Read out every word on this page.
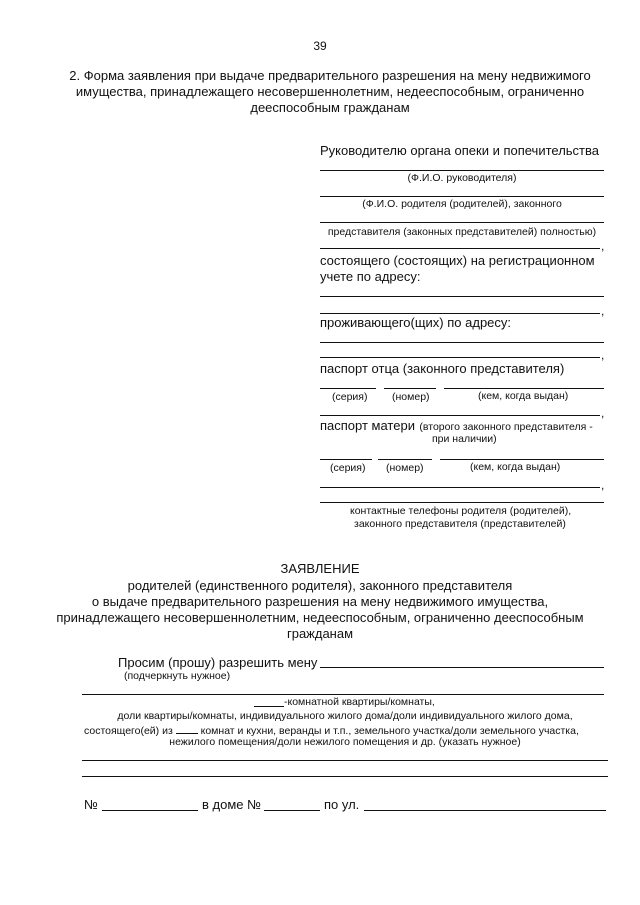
39
2. Форма заявления при выдаче предварительного разрешения на мену недвижимого
имущества, принадлежащего несовершеннолетним, недееспособным, ограниченно
дееспособным гражданам
Руководителю органа опеки и попечительства
(Ф.И.О. руководителя)
(Ф.И.О. родителя (родителей), законного
представителя (законных представителей) полностью)
,
состоящего (состоящих) на регистрационном
учете по адресу:
,
проживающего(щих) по адресу:
,
паспорт отца (законного представителя)
(серия) (номер)	(кем, когда выдан)
,
паспорт матери (второго законного представителя -
при наличии)
(серия) (номер)	(кем, когда выдан)
,
контактные телефоны родителя (родителей),
законного представителя (представителей)
ЗАЯВЛЕНИЕ
родителей (единственного родителя), законного представителя
о выдаче предварительного разрешения на мену недвижимого имущества,
принадлежащего несовершеннолетним, недееспособным, ограниченно дееспособным
гражданам
Просим (прошу) разрешить мену
(подчеркнуть нужное)
-комнатной квартиры/комнаты,
доли квартиры/комнаты, индивидуального жилого дома/доли индивидуального жилого дома,
состоящего(ей) из	комнат и кухни, веранды и т.п., земельного участка/доли земельного участка,
нежилого помещения/доли нежилого помещения и др. (указать нужное)
№	в доме №	по ул.
